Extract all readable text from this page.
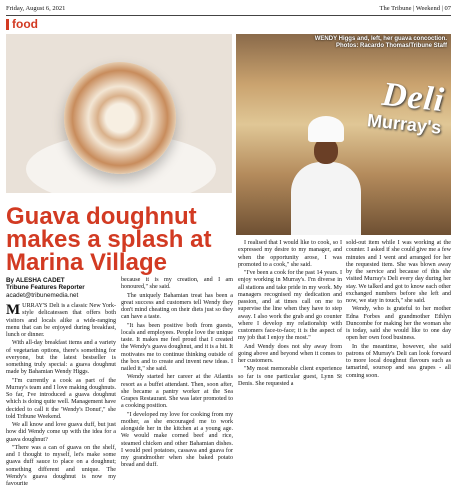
Friday, August 6, 2021	The Tribune | Weekend | 07
food
WENDY Higgs and, left, her guava concoction.
Photos: Racardo Thomas/Tribune Staff
Murray's
Deli
Guava doughnut makes a splash at Marina Village
By ALESHA CADET
Tribune Features Reporter
acadet@tribunemedia.net

MURRAY'S Deli is a classic New York-style delicatessen that offers both visitors and locals alike a wide-ranging menu that can be enjoyed during breakfast, lunch or dinner.

With all-day breakfast items and a variety of vegetarian options, there's something for everyone, but the latest bestseller is something truly special: a guava doughnut made by Bahamian Wendy Higgs.

"I'm currently a cook as part of the Murray's team and I love making doughnuts. So far, I've introduced a guava doughnut which is doing quite well. Management have decided to call it the 'Wendy's Donut'," she told Tribune Weekend.

We all know and love guava duff, but just how did Wendy come up with the idea for a guava doughnut?

"There was a can of guava on the shelf, and I thought to myself, let's make some guava duff sauce to place on a doughnut; something different and unique. The Wendy's guava doughnut is now my favourite

because it is my creation, and I am honoured," she said.

The uniquely Bahamian treat has been a great success and customers tell Wendy they don't mind cheating on their diets just so they can have a taste.

"It has been positive both from guests, locals and employees. People love the unique taste. It makes me feel proud that I created the Wendy's guava doughnut, and it is a hit. It motivates me to continue thinking outside of the box and to create and invent new ideas. I nailed it," she said.

Wendy started her career at the Atlantis resort as a buffet attendant. Then, soon after, she became a pantry worker at the Sea Grapes Restaurant. She was later promoted to a cooking position.

"I developed my love for cooking from my mother, as she encouraged me to work alongside her in the kitchen at a young age. We would make corned beef and rice, steamed chicken and other Bahamian dishes. I would peel potatoes, cassava and guava for my grandmother when she baked potato bread and duff.

I realised that I would like to cook, so I expressed my desire to my manager, and when the opportunity arose, I was promoted to a cook," she said.

"I've been a cook for the past 14 years. I enjoy working in Murray's. I'm diverse in all stations and take pride in my work. My managers recognised my dedication and passion, and at times call on me to supervise the line when they have to step away. I also work the grab and go counter where I develop my relationship with customers face-to-face; it is the aspect of my job that I enjoy the most."

And Wendy does not shy away from going above and beyond when it comes to her customers.

"My most memorable client experience so far is one particular guest, Lynn St Denis. She requested a

sold-out item while I was working at the counter. I asked if she could give me a few minutes and I went and arranged for her the requested item. She was blown away by the service and because of this she visited Murray's Deli every day during her stay. We talked and got to know each other exchanged numbers before she left and now, we stay in touch," she said.

Wendy, who is grateful to her mother Edna Forbes and grandmother Ethlyn Duncombe for making her the woman she is today, said she would like to one day open her own food business.

In the meantime, however, she said patrons of Murray's Deli can look forward to more local doughnut flavours such as tamarind, soursop and sea grapes - all coming soon.
